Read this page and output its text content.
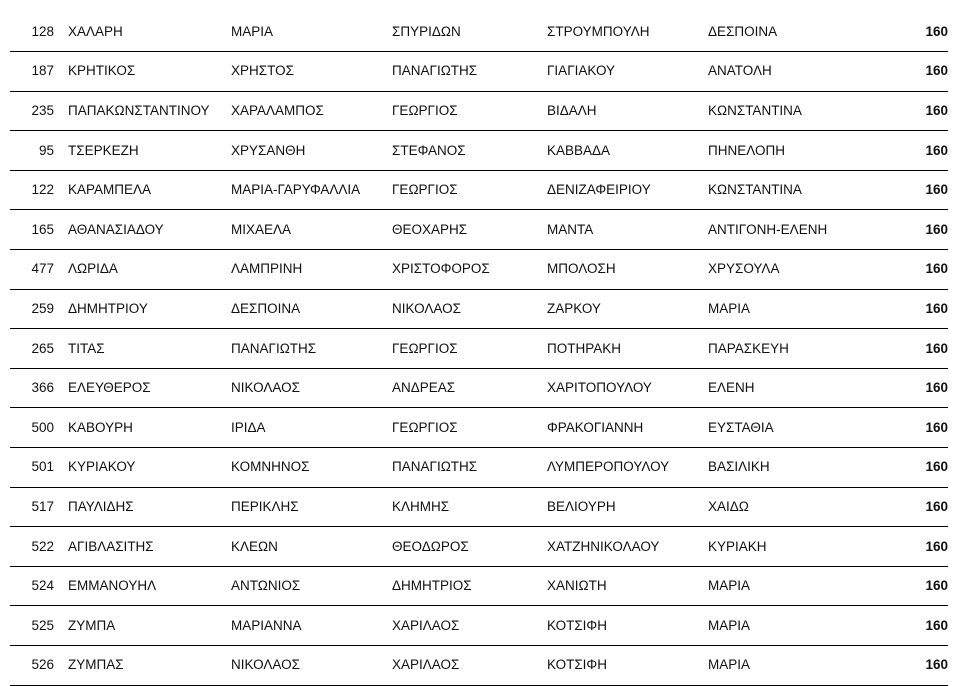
128	ΧΑΛΑΡΗ	ΜΑΡΙΑ	ΣΠΥΡΙΔΩΝ	ΣΤΡΟΥΜΠΟΥΛΗ	ΔΕΣΠΟΙΝΑ	160
187	ΚΡΗΤΙΚΟΣ	ΧΡΗΣΤΟΣ	ΠΑΝΑΓΙΩΤΗΣ	ΓΙΑΓΙΑΚΟΥ	ΑΝΑΤΟΛΗ	160
235	ΠΑΠΑΚΩΝΣΤΑΝΤΙΝΟΥ	ΧΑΡΑΛΑΜΠΟΣ	ΓΕΩΡΓΙΟΣ	ΒΙΔΑΛΗ	ΚΩΝΣΤΑΝΤΙΝΑ	160
95	ΤΣΕΡΚΕΖΗ	ΧΡΥΣΑΝΘΗ	ΣΤΕΦΑΝΟΣ	ΚΑΒΒΑΔΑ	ΠΗΝΕΛΟΠΗ	160
122	ΚΑΡΑΜΠΕΛΑ	ΜΑΡΙΑ-ΓΑΡΥΦΑΛΛΙΑ	ΓΕΩΡΓΙΟΣ	ΔΕΝΙΖΑΦΕΙΡΙΟΥ	ΚΩΝΣΤΑΝΤΙΝΑ	160
165	ΑΘΑΝΑΣΙΑΔΟΥ	ΜΙΧΑΕΛΑ	ΘΕΟΧΑΡΗΣ	ΜΑΝΤΑ	ΑΝΤΙΓΟΝΗ-ΕΛΕΝΗ	160
477	ΛΩΡΙΔΑ	ΛΑΜΠΡΙΝΗ	ΧΡΙΣΤΟΦΟΡΟΣ	ΜΠΟΛΟΣΗ	ΧΡΥΣΟΥΛΑ	160
259	ΔΗΜΗΤΡΙΟΥ	ΔΕΣΠΟΙΝΑ	ΝΙΚΟΛΑΟΣ	ΖΑΡΚΟΥ	ΜΑΡΙΑ	160
265	ΤΙΤΑΣ	ΠΑΝΑΓΙΩΤΗΣ	ΓΕΩΡΓΙΟΣ	ΠΟΤΗΡΑΚΗ	ΠΑΡΑΣΚΕΥΗ	160
366	ΕΛΕΥΘΕΡΟΣ	ΝΙΚΟΛΑΟΣ	ΑΝΔΡΕΑΣ	ΧΑΡΙΤΟΠΟΥΛΟΥ	ΕΛΕΝΗ	160
500	ΚΑΒΟΥΡΗ	ΙΡΙΔΑ	ΓΕΩΡΓΙΟΣ	ΦΡΑΚΟΓΙΑΝΝΗ	ΕΥΣΤΑΘΙΑ	160
501	ΚΥΡΙΑΚΟΥ	ΚΟΜΝΗΝΟΣ	ΠΑΝΑΓΙΩΤΗΣ	ΛΥΜΠΕΡΟΠΟΥΛΟΥ	ΒΑΣΙΛΙΚΗ	160
517	ΠΑΥΛΙΔΗΣ	ΠΕΡΙΚΛΗΣ	ΚΛΗΜΗΣ	ΒΕΛΙΟΥΡΗ	ΧΑΙΔΩ	160
522	ΑΓΙΒΛΑΣΙΤΗΣ	ΚΛΕΩΝ	ΘΕΟΔΩΡΟΣ	ΧΑΤΖΗΝΙΚΟΛΑΟΥ	ΚΥΡΙΑΚΗ	160
524	ΕΜΜΑΝΟΥΗΛ	ΑΝΤΩΝΙΟΣ	ΔΗΜΗΤΡΙΟΣ	ΧΑΝΙΩΤΗ	ΜΑΡΙΑ	160
525	ΖΥΜΠΑ	ΜΑΡΙΑΝΝΑ	ΧΑΡΙΛΑΟΣ	ΚΟΤΣΙΦΗ	ΜΑΡΙΑ	160
526	ΖΥΜΠΑΣ	ΝΙΚΟΛΑΟΣ	ΧΑΡΙΛΑΟΣ	ΚΟΤΣΙΦΗ	ΜΑΡΙΑ	160
